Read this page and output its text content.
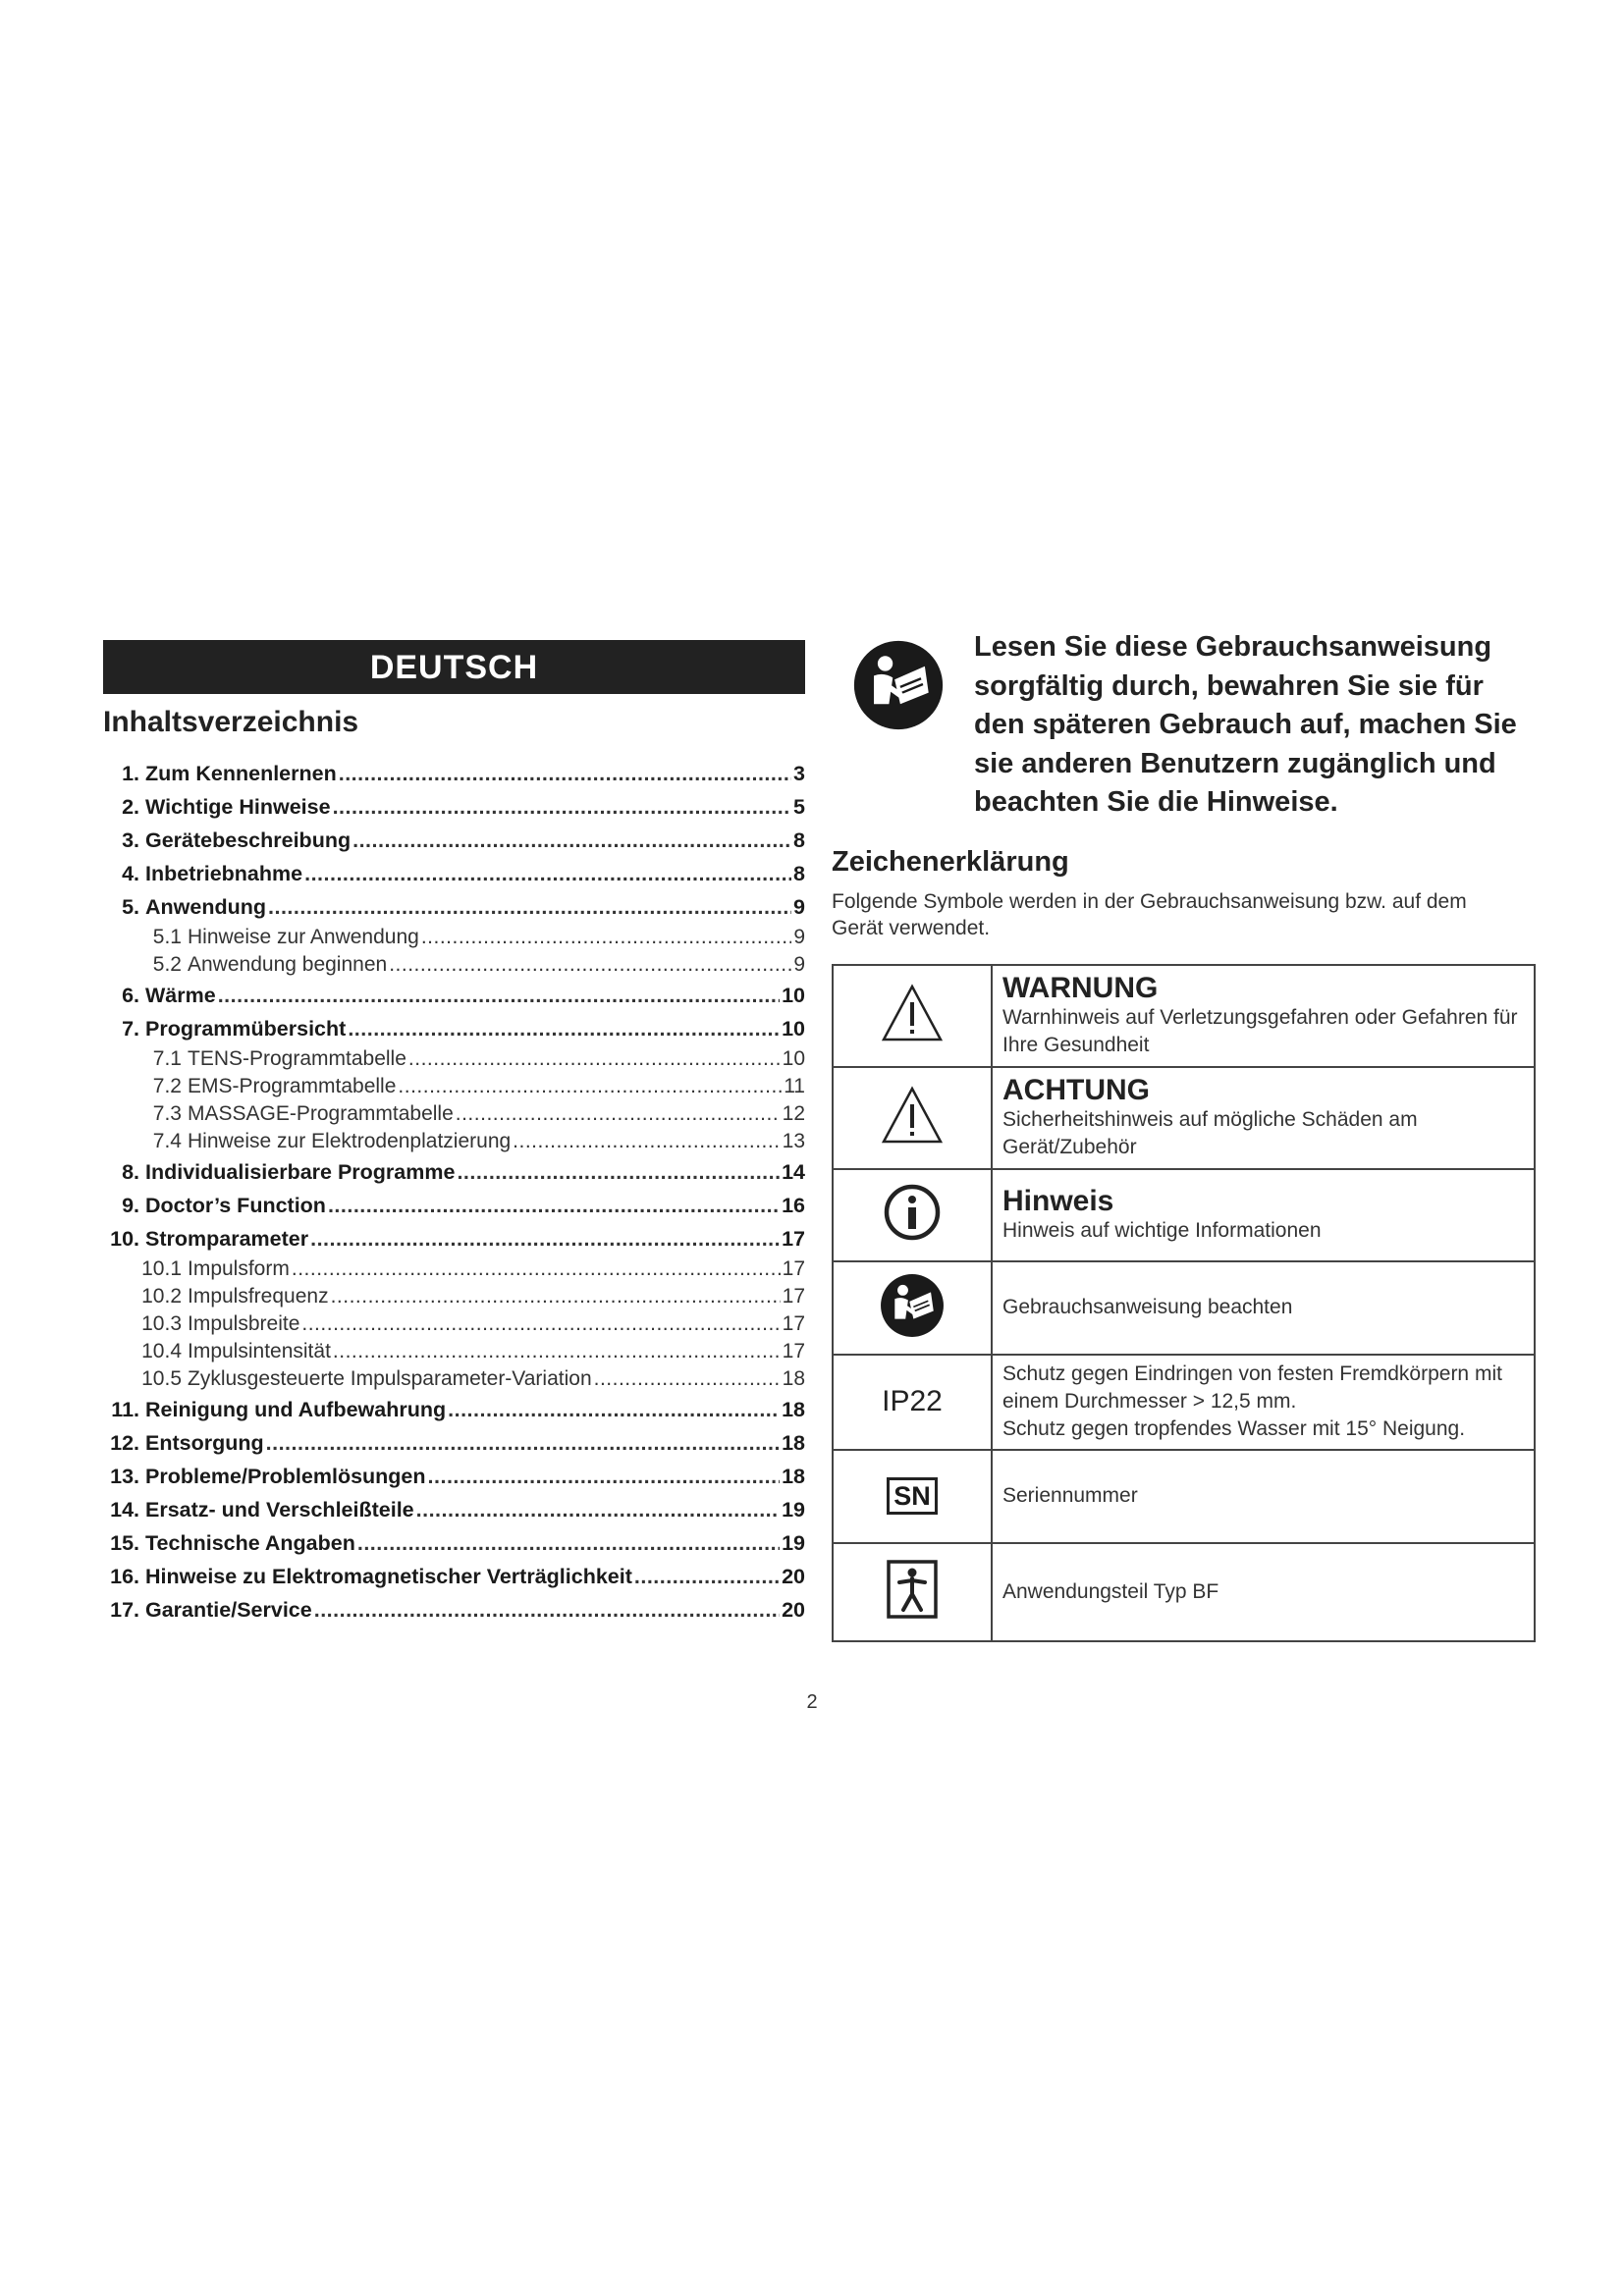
DEUTSCH
Inhaltsverzeichnis
1. Zum Kennenlernen .....	3
2. Wichtige Hinweise .....	5
3. Gerätebeschreibung .....	8
4. Inbetriebnahme .....	8
5. Anwendung .....	9
5.1 Hinweise zur Anwendung .....	9
5.2 Anwendung beginnen .....	9
6. Wärme .....	10
7. Programmübersicht .....	10
7.1 TENS-Programmtabelle .....	10
7.2 EMS-Programmtabelle .....	11
7.3 MASSAGE-Programmtabelle .....	12
7.4 Hinweise zur Elektrodenplatzierung .....	13
8. Individualisierbare Programme .....	14
9. Doctor’s Function .....	16
10. Stromparameter .....	17
10.1 Impulsform .....	17
10.2 Impulsfrequenz .....	17
10.3 Impulsbreite .....	17
10.4 Impulsintensität .....	17
10.5 Zyklusgesteuerte Impulsparameter-Variation .....	18
11. Reinigung und Aufbewahrung .....	18
12. Entsorgung .....	18
13. Probleme/Problemlösungen .....	18
14. Ersatz- und Verschleißteile .....	19
15. Technische Angaben .....	19
16. Hinweise zu Elektromagnetischer Verträglichkeit .....	20
17. Garantie/Service .....	20
Lesen Sie diese Gebrauchsanweisung sorgfältig durch, bewahren Sie sie für den späteren Gebrauch auf, machen Sie sie anderen Benutzern zugänglich und beachten Sie die Hinweise.
Zeichenerklärung

Folgende Symbole werden in der Gebrauchsanweisung bzw. auf dem Gerät verwendet.

WARNUNG
Warnhinweis auf Verletzungsgefahren oder Gefahren für Ihre Gesundheit

ACHTUNG
Sicherheitshinweis auf mögliche Schäden am Gerät/Zubehör

Hinweis
Hinweis auf wichtige Informationen

	Gebrauchsanweisung beachten
IP22	Schutz gegen Eindringen von festen Fremdkörpern mit einem Durchmesser > 12,5 mm.
Schutz gegen tropfendes Wasser mit 15° Neigung.

SN	Seriennummer
	Anwendungsteil Typ BF
2
